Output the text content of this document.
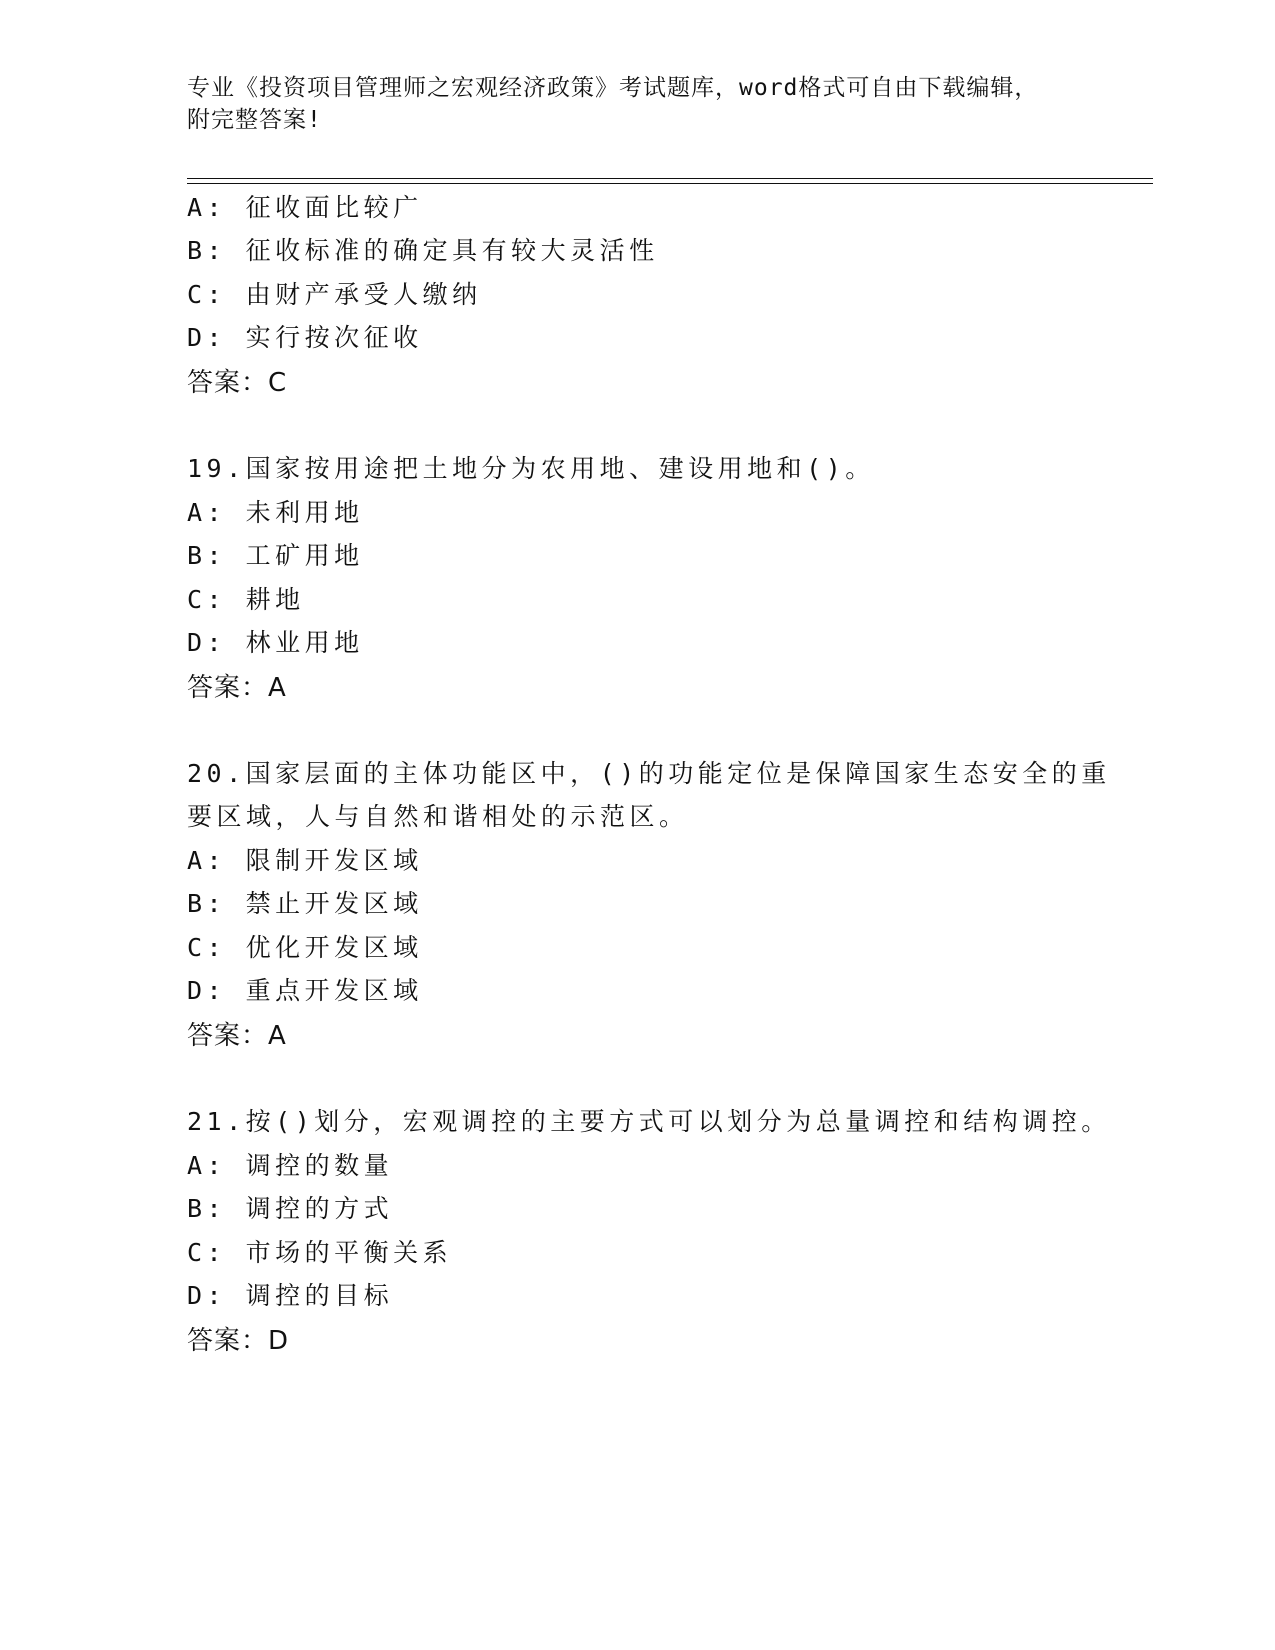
专业《投资项目管理师之宏观经济政策》考试题库，word格式可自由下载编辑，
附完整答案!
A: 征收面比较广
B: 征收标准的确定具有较大灵活性
C: 由财产承受人缴纳
D: 实行按次征收
答案：C
19.国家按用途把土地分为农用地、建设用地和()。
A: 未利用地
B: 工矿用地
C: 耕地
D: 林业用地
答案：A
20.国家层面的主体功能区中，()的功能定位是保障国家生态安全的重
要区域，人与自然和谐相处的示范区。
A: 限制开发区域
B: 禁止开发区域
C: 优化开发区域
D: 重点开发区域
答案：A
21.按()划分，宏观调控的主要方式可以划分为总量调控和结构调控。
A: 调控的数量
B: 调控的方式
C: 市场的平衡关系
D: 调控的目标
答案：D
